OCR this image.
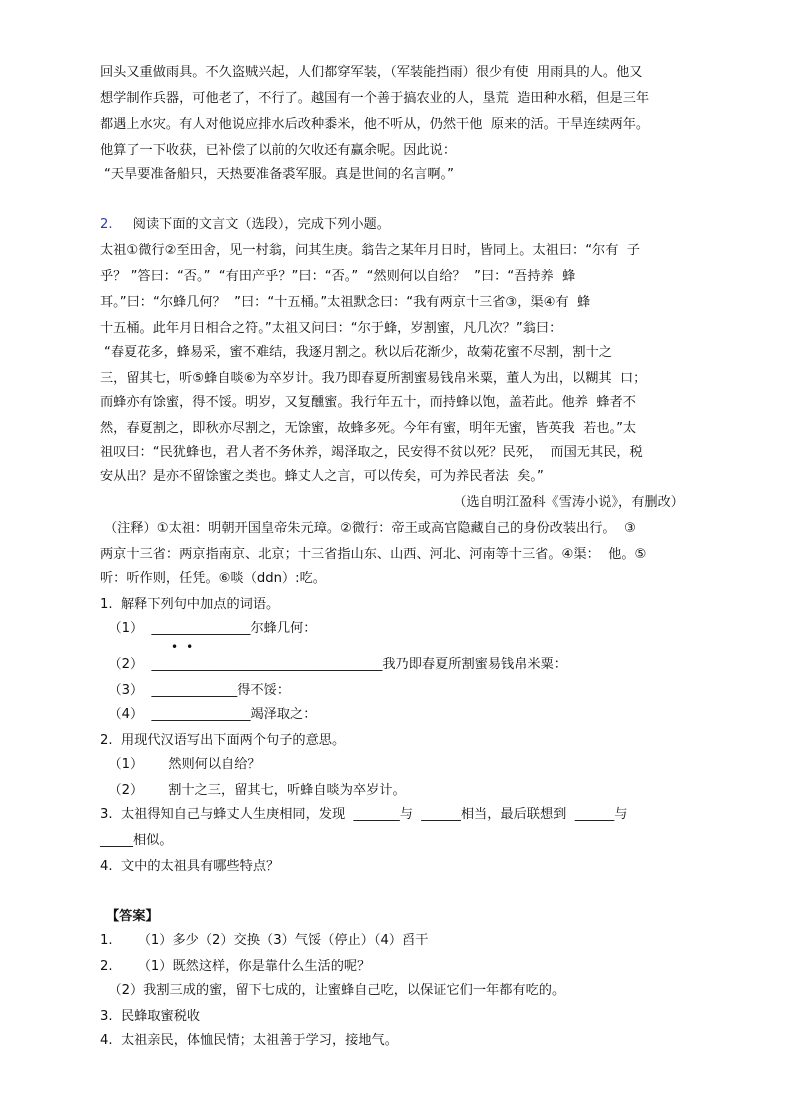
回头又重做雨具。不久盗贼兴起，人们都穿军装，（军装能挡雨）很少有使  用雨具的人。他又
想学制作兵器，可他老了，不行了。越国有一个善于搞农业的人，垦荒  造田种水稻，但是三年
都遇上水灾。有人对他说应排水后改种黍米，他不听从，仍然干他  原来的活。干旱连续两年。
他算了一下收获，已补偿了以前的欠收还有赢余呢。因此说：
“天旱要准备船只，天热要准备裘军服。真是世间的名言啊。”
2. 阅读下面的文言文（选段），完成下列小题。
太祖①微行②至田舍，见一村翁，问其生庚。翁告之某年月日时，皆同上。太祖曰：“尔有  子
乎？ ”答曰：“否。”  “有田产乎？”曰：“否。”  “然则何以自给？  ”曰：“吾持养  蜂
耳。”曰：“尔蜂几何？  ”曰：“十五桶。”太祖默念曰：“我有两京十三省③，渠④有  蜂
十五桶。此年月日相合之符。”太祖又问曰：“尔于蜂，岁割蜜，凡几次？”翁曰：
“春夏花多，蜂易采，蜜不难结，我逐月割之。秋以后花渐少，故菊花蜜不尽割，割十之
三，留其七，听⑤蜂自啖⑥为卒岁计。我乃即春夏所割蜜易钱帛米粟，董人为出，以糊其  口；
而蜂亦有馀蜜，得不馁。明岁，又复醺蜜。我行年五十，而持蜂以饱，盖若此。他养  蜂者不
然，春夏割之，即秋亦尽割之，无馀蜜，故蜂多死。今年有蜜，明年无蜜，皆英我  若也。”太
祖叹曰：“民犹蜂也，君人者不务休养，竭泽取之，民安得不贫以死？民死，  而国无其民，税
安从出？是亦不留馀蜜之类也。蜂丈人之言，可以传矣，可为养民者法  矣。”
（选自明江盈科《雪涛小说》，有删改）
（注释）①太祖：明朝开国皇帝朱元璋。②微行：帝王或高官隐藏自己的身份改装出行。  ③
两京十三省：两京指南京、北京；十三省指山东、山西、河北、河南等十三省。④渠：  他。⑤
听：听作则，任凭。⑥啖（ddn）:吃。
1.  解释下列句中加点的词语。
（1）  _______________尔蜂几何：
••
（2）  ___________________________________我乃即春夏所割蜜易钱帛米粟：
（3）  _____________得不馁：
（4）  _______________竭泽取之：
2.  用现代汉语写出下面两个句子的意思。
（1）      然则何以自给？
（2）      割十之三，留其七，听蜂自啖为卒岁计。
3.  太祖得知自己与蜂丈人生庚相同，发现  _______与  ______相当，最后联想到  ______与
_____相似。
4.  文中的太祖具有哪些特点？
【答案】
1.      （1）多少（2）交换（3）气馁（停止）（4）舀干
2.      （1）既然这样，你是靠什么生活的呢？
（2）我割三成的蜜，留下七成的，让蜜蜂自己吃，以保证它们一年都有吃的。
3.  民蜂取蜜税收
4.  太祖亲民，体恤民情；太祖善于学习，接地气。
